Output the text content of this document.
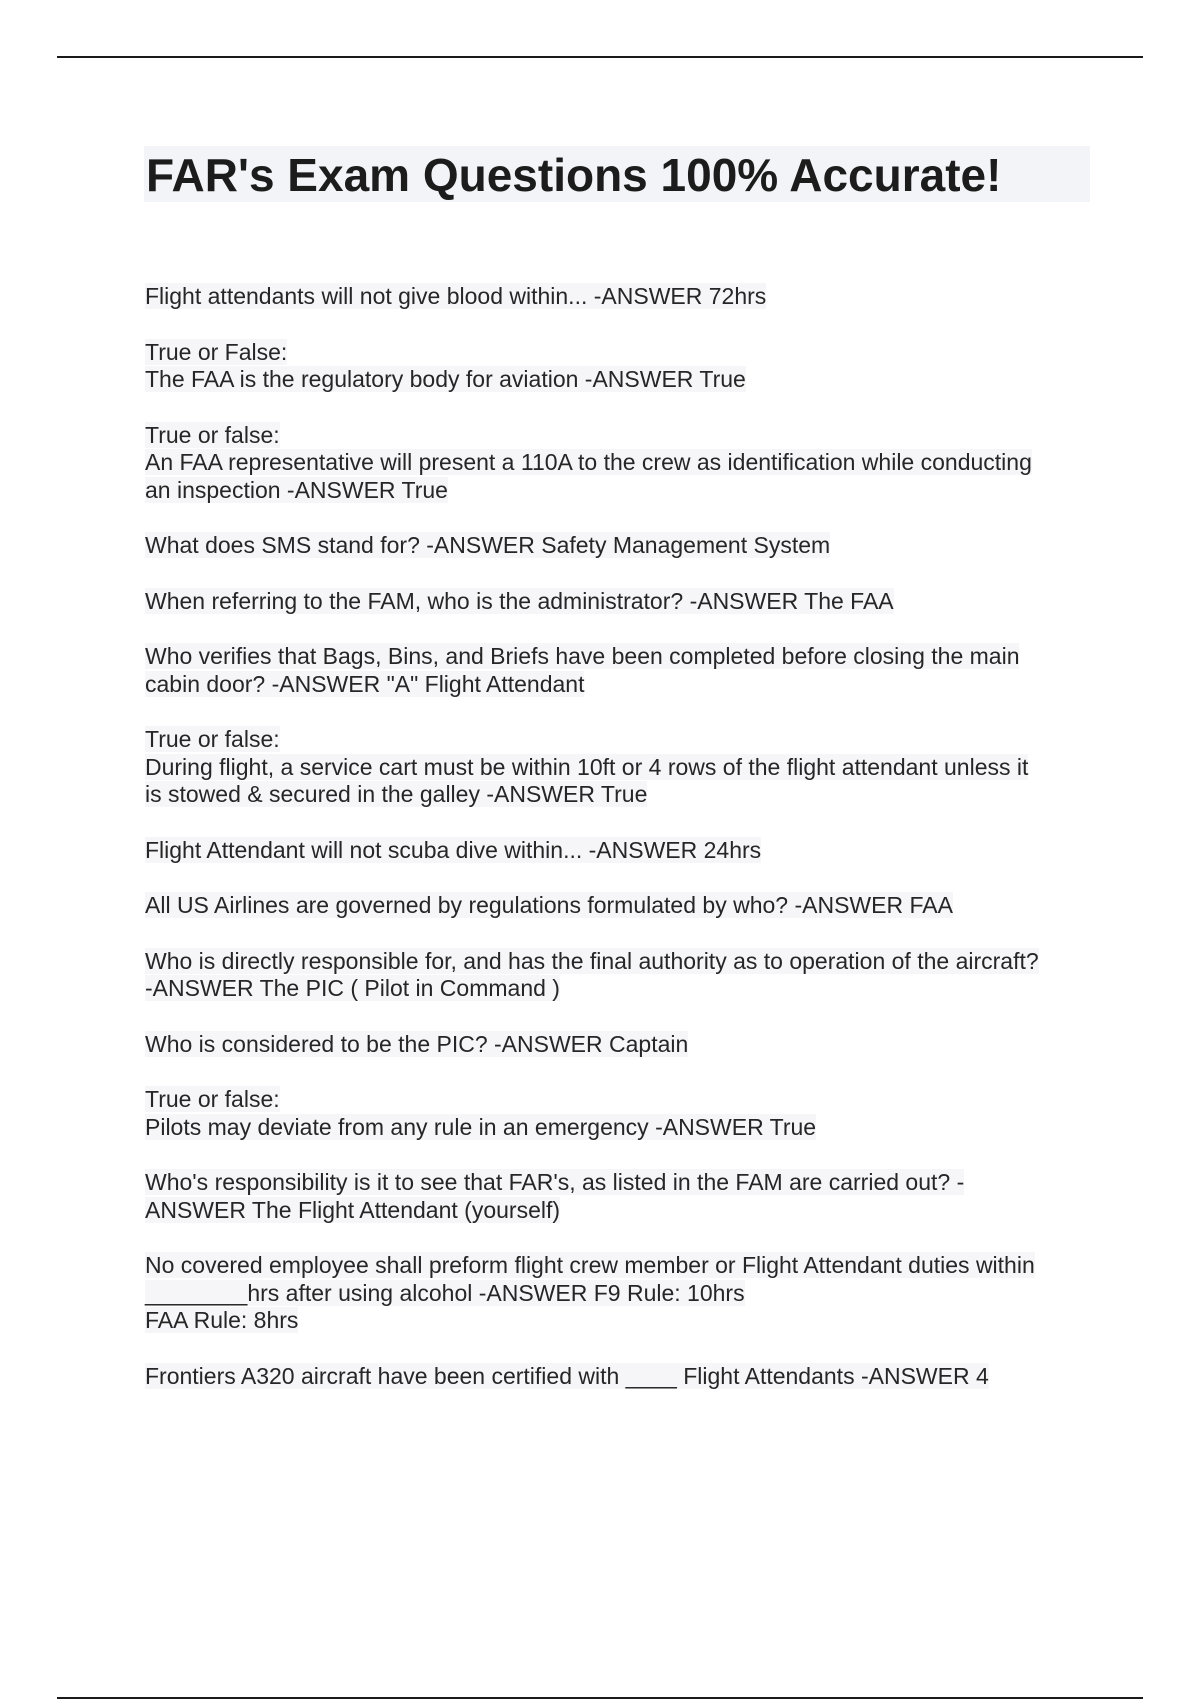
FAR's Exam Questions 100% Accurate!
Flight attendants will not give blood within... -ANSWER 72hrs
True or False:
The FAA is the regulatory body for aviation -ANSWER True
True or false:
An FAA representative will present a 110A to the crew as identification while conducting
an inspection -ANSWER True
What does SMS stand for? -ANSWER Safety Management System
When referring to the FAM, who is the administrator? -ANSWER The FAA
Who verifies that Bags, Bins, and Briefs have been completed before closing the main
cabin door? -ANSWER "A" Flight Attendant
True or false:
During flight, a service cart must be within 10ft or 4 rows of the flight attendant unless it
is stowed & secured in the galley -ANSWER True
Flight Attendant will not scuba dive within... -ANSWER 24hrs
All US Airlines are governed by regulations formulated by who? -ANSWER FAA
Who is directly responsible for, and has the final authority as to operation of the aircraft?
-ANSWER The PIC ( Pilot in Command )
Who is considered to be the PIC? -ANSWER Captain
True or false:
Pilots may deviate from any rule in an emergency -ANSWER True
Who's responsibility is it to see that FAR's, as listed in the FAM are carried out? -
ANSWER The Flight Attendant (yourself)
No covered employee shall preform flight crew member or Flight Attendant duties within
________hrs after using alcohol -ANSWER F9 Rule: 10hrs
FAA Rule: 8hrs
Frontiers A320 aircraft have been certified with ____ Flight Attendants -ANSWER 4
